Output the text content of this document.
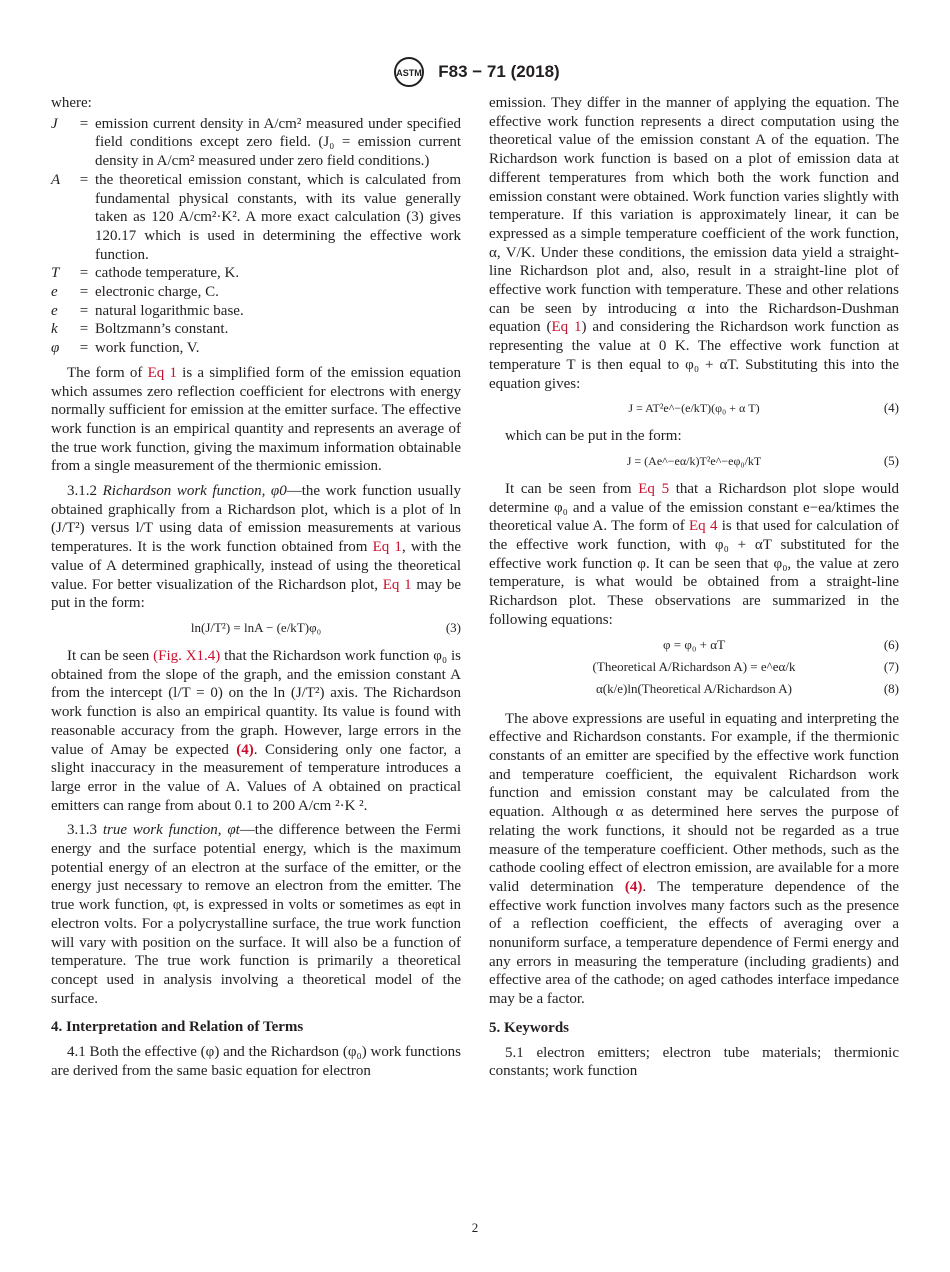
ASTM F83 − 71 (2018)

where:

J	=	emission current density in A/cm² measured under specified field conditions except zero field. (J₀ = emission current density in A/cm² measured under zero field conditions.)
A	=	the theoretical emission constant, which is calculated from fundamental physical constants, with its value generally taken as 120 A/cm²·K². A more exact calculation (3) gives 120.17 which is used in determining the effective work function.
T	=	cathode temperature, K.
e	=	electronic charge, C.
e	=	natural logarithmic base.
k	=	Boltzmann’s constant.
φ	=	work function, V.

The form of Eq 1 is a simplified form of the emission equation which assumes zero reflection coefficient for electrons with energy normally sufficient for emission at the emitter surface. The effective work function is an empirical quantity and represents an average of the true work function, giving the maximum information obtainable from a single measurement of the thermionic emission.

3.1.2 Richardson work function, φ0—the work function usually obtained graphically from a Richardson plot, which is a plot of ln (J/T²) versus l/T using data of emission measurements at various temperatures. It is the work function obtained from Eq 1, with the value of A determined graphically, instead of using the theoretical value. For better visualization of the Richardson plot, Eq 1 may be put in the form:

ln(J/T²) = lnA − (e/kT)φ₀	(3)

It can be seen (Fig. X1.4) that the Richardson work function φ₀ is obtained from the slope of the graph, and the emission constant A from the intercept (l/T = 0) on the ln (J/T²) axis. The Richardson work function is also an empirical quantity. Its value is found with reasonable accuracy from the graph. However, large errors in the value of Amay be expected (4). Considering only one factor, a slight inaccuracy in the measurement of temperature introduces a large error in the value of A. Values of A obtained on practical emitters can range from about 0.1 to 200 A/cm ²·K ².

3.1.3 true work function, φt—the difference between the Fermi energy and the surface potential energy, which is the maximum potential energy of an electron at the surface of the emitter, or the energy just necessary to remove an electron from the emitter. The true work function, φt, is expressed in volts or sometimes as eφt in electron volts. For a polycrystalline surface, the true work function will vary with position on the surface. It will also be a function of temperature. The true work function is primarily a theoretical concept used in analysis involving a theoretical model of the surface.

4. Interpretation and Relation of Terms

4.1 Both the effective (φ) and the Richardson (φ₀) work functions are derived from the same basic equation for electron

emission. They differ in the manner of applying the equation. The effective work function represents a direct computation using the theoretical value of the emission constant A of the equation. The Richardson work function is based on a plot of emission data at different temperatures from which both the work function and emission constant were obtained. Work function varies slightly with temperature. If this variation is approximately linear, it can be expressed as a simple temperature coefficient of the work function, α, V/K. Under these conditions, the emission data yield a straight-line Richardson plot and, also, result in a straight-line plot of effective work function with temperature. These and other relations can be seen by introducing α into the Richardson-Dushman equation (Eq 1) and considering the Richardson work function as representing the value at 0 K. The effective work function at temperature T is then equal to φ₀ + αT. Substituting this into the equation gives:

J = AT²e^−(e/kT)(φ₀ + α T)	(4)

which can be put in the form:

J = (Ae^−eα/k)T²e^−eφ₀/kT	(5)

It can be seen from Eq 5 that a Richardson plot slope would determine φ₀ and a value of the emission constant e−ea/ktimes the theoretical value A. The form of Eq 4 is that used for calculation of the effective work function, with φ₀ + αT substituted for the effective work function φ. It can be seen that φ₀, the value at zero temperature, is what would be obtained from a straight-line Richardson plot. These observations are summarized in the following equations:

φ = φ₀ + αT	(6)
(Theoretical A/Richardson A) = e^eα/k	(7)
α(k/e)ln(Theoretical A/Richardson A)	(8)

The above expressions are useful in equating and interpreting the effective and Richardson constants. For example, if the thermionic constants of an emitter are specified by the effective work function and temperature coefficient, the equivalent Richardson work function and emission constant may be calculated from the equation. Although α as determined here serves the purpose of relating the work functions, it should not be regarded as a true measure of the temperature coefficient. Other methods, such as the cathode cooling effect of electron emission, are available for a more valid determination (4). The temperature dependence of the effective work function involves many factors such as the presence of a reflection coefficient, the effects of averaging over a nonuniform surface, a temperature dependence of Fermi energy and any errors in measuring the temperature (including gradients) and effective area of the cathode; on aged cathodes interface impedance may be a factor.

5. Keywords

5.1 electron emitters; electron tube materials; thermionic constants; work function

2
